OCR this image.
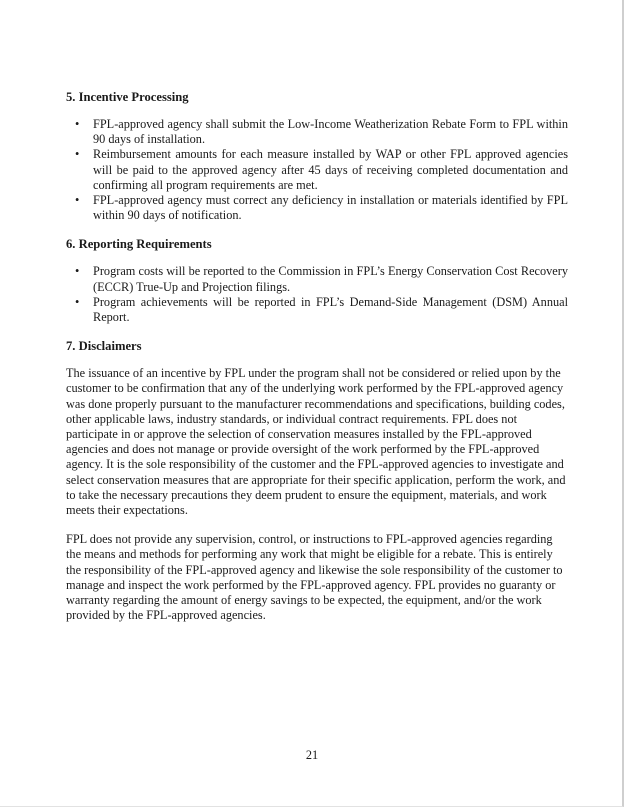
5. Incentive Processing
• FPL-approved agency shall submit the Low-Income Weatherization Rebate Form to FPL within 90 days of installation.
• Reimbursement amounts for each measure installed by WAP or other FPL approved agencies will be paid to the approved agency after 45 days of receiving completed documentation and confirming all program requirements are met.
• FPL-approved agency must correct any deficiency in installation or materials identified by FPL within 90 days of notification.
6. Reporting Requirements
• Program costs will be reported to the Commission in FPL’s Energy Conservation Cost Recovery (ECCR) True-Up and Projection filings.
• Program achievements will be reported in FPL’s Demand-Side Management (DSM) Annual Report.
7. Disclaimers

The issuance of an incentive by FPL under the program shall not be considered or relied upon by the customer to be confirmation that any of the underlying work performed by the FPL-approved agency was done properly pursuant to the manufacturer recommendations and specifications, building codes, other applicable laws, industry standards, or individual contract requirements. FPL does not participate in or approve the selection of conservation measures installed by the FPL-approved agencies and does not manage or provide oversight of the work performed by the FPL-approved agency. It is the sole responsibility of the customer and the FPL-approved agencies to investigate and select conservation measures that are appropriate for their specific application, perform the work, and to take the necessary precautions they deem prudent to ensure the equipment, materials, and work meets their expectations.

FPL does not provide any supervision, control, or instructions to FPL-approved agencies regarding the means and methods for performing any work that might be eligible for a rebate. This is entirely the responsibility of the FPL-approved agency and likewise the sole responsibility of the customer to manage and inspect the work performed by the FPL-approved agency. FPL provides no guaranty or warranty regarding the amount of energy savings to be expected, the equipment, and/or the work provided by the FPL-approved agencies.

21
